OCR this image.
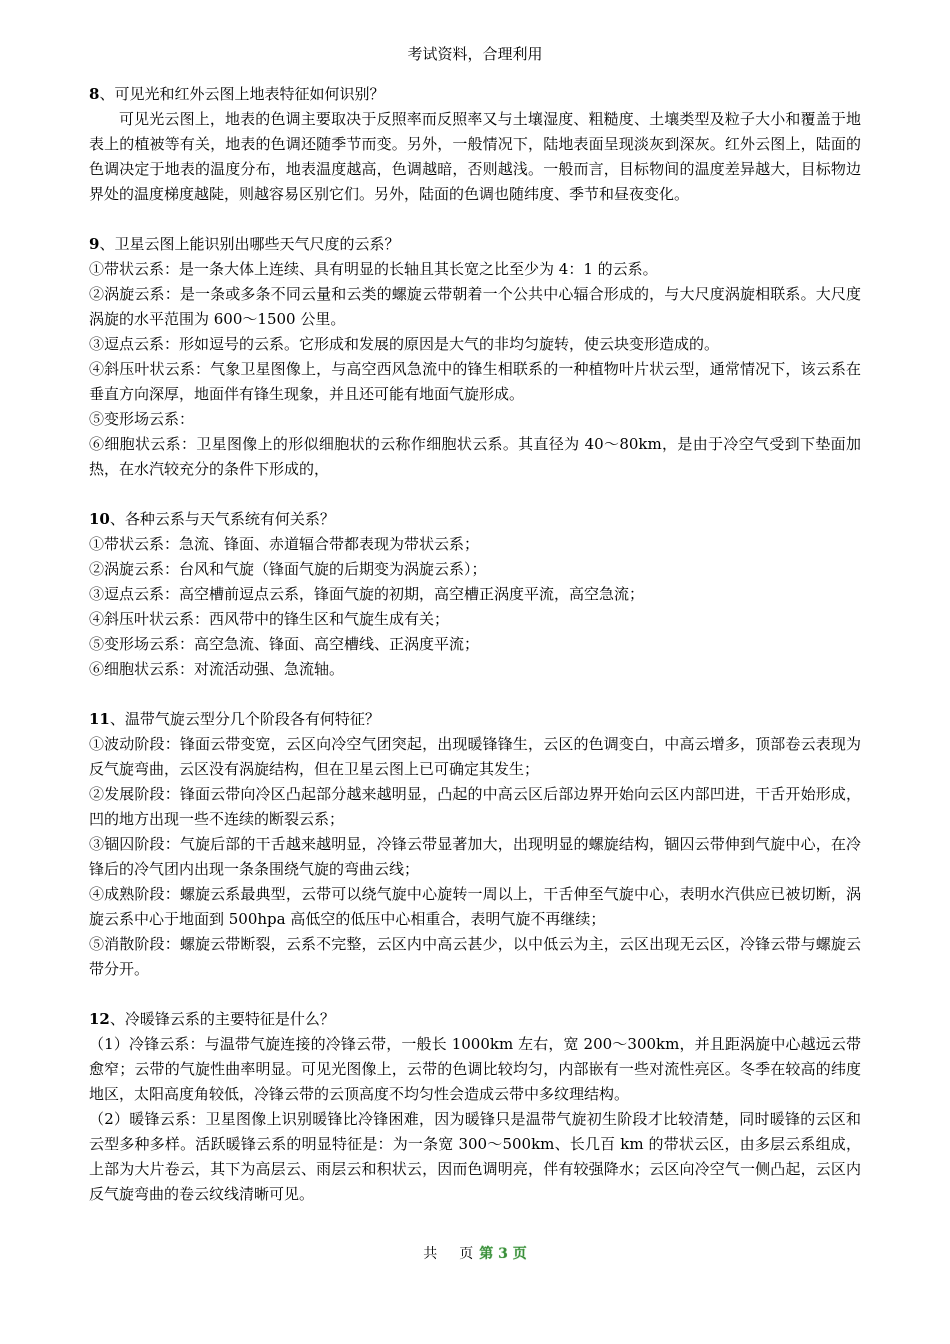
考试资料，合理利用

8、可见光和红外云图上地表特征如何识别？

可见光云图上，地表的色调主要取决于反照率而反照率又与土壤湿度、粗糙度、土壤类型及粒子大小和覆盖于地表上的植被等有关，地表的色调还随季节而变。另外，一般情况下，陆地表面呈现淡灰到深灰。红外云图上，陆面的色调决定于地表的温度分布，地表温度越高，色调越暗，否则越浅。一般而言，目标物间的温度差异越大，目标物边界处的温度梯度越陡，则越容易区别它们。另外，陆面的色调也随纬度、季节和昼夜变化。

9、卫星云图上能识别出哪些天气尺度的云系？

①带状云系：是一条大体上连续、具有明显的长轴且其长宽之比至少为 4：1 的云系。

②涡旋云系：是一条或多条不同云量和云类的螺旋云带朝着一个公共中心辐合形成的，与大尺度涡旋相联系。大尺度涡旋的水平范围为 600～1500 公里。

③逗点云系：形如逗号的云系。它形成和发展的原因是大气的非均匀旋转，使云块变形造成的。

④斜压叶状云系：气象卫星图像上，与高空西风急流中的锋生相联系的一种植物叶片状云型，通常情况下，该云系在垂直方向深厚，地面伴有锋生现象，并且还可能有地面气旋形成。

⑤变形场云系：

⑥细胞状云系：卫星图像上的形似细胞状的云称作细胞状云系。其直径为 40～80km，是由于冷空气受到下垫面加热，在水汽较充分的条件下形成的，

10、各种云系与天气系统有何关系？

①带状云系：急流、锋面、赤道辐合带都表现为带状云系；

②涡旋云系：台风和气旋（锋面气旋的后期变为涡旋云系）；

③逗点云系：高空槽前逗点云系，锋面气旋的初期，高空槽正涡度平流，高空急流；

④斜压叶状云系：西风带中的锋生区和气旋生成有关；

⑤变形场云系：高空急流、锋面、高空槽线、正涡度平流；

⑥细胞状云系：对流活动强、急流轴。

11、温带气旋云型分几个阶段各有何特征？

①波动阶段：锋面云带变宽，云区向冷空气团突起，出现暖锋锋生，云区的色调变白，中高云增多，顶部卷云表现为反气旋弯曲，云区没有涡旋结构，但在卫星云图上已可确定其发生；

②发展阶段：锋面云带向冷区凸起部分越来越明显，凸起的中高云区后部边界开始向云区内部凹进，干舌开始形成，凹的地方出现一些不连续的断裂云系；

③锢囚阶段：气旋后部的干舌越来越明显，冷锋云带显著加大，出现明显的螺旋结构，锢囚云带伸到气旋中心，在冷锋后的冷气团内出现一条条围绕气旋的弯曲云线；

④成熟阶段：螺旋云系最典型，云带可以绕气旋中心旋转一周以上，干舌伸至气旋中心，表明水汽供应已被切断，涡旋云系中心于地面到 500hpa 高低空的低压中心相重合，表明气旋不再继续；

⑤消散阶段：螺旋云带断裂，云系不完整，云区内中高云甚少，以中低云为主，云区出现无云区，冷锋云带与螺旋云带分开。

12、冷暖锋云系的主要特征是什么？

（1）冷锋云系：与温带气旋连接的冷锋云带，一般长 1000km 左右，宽 200～300km，并且距涡旋中心越远云带愈窄；云带的气旋性曲率明显。可见光图像上，云带的色调比较均匀，内部嵌有一些对流性亮区。冬季在较高的纬度地区，太阳高度角较低，冷锋云带的云顶高度不均匀性会造成云带中多纹理结构。

（2）暖锋云系：卫星图像上识别暖锋比冷锋困难，因为暖锋只是温带气旋初生阶段才比较清楚，同时暖锋的云区和云型多种多样。活跃暖锋云系的明显特征是：为一条宽 300～500km、长几百 km 的带状云区，由多层云系组成，上部为大片卷云，其下为高层云、雨层云和积状云，因而色调明亮，伴有较强降水；云区向冷空气一侧凸起，云区内反气旋弯曲的卷云纹线清晰可见。

共 页 第 3 页
